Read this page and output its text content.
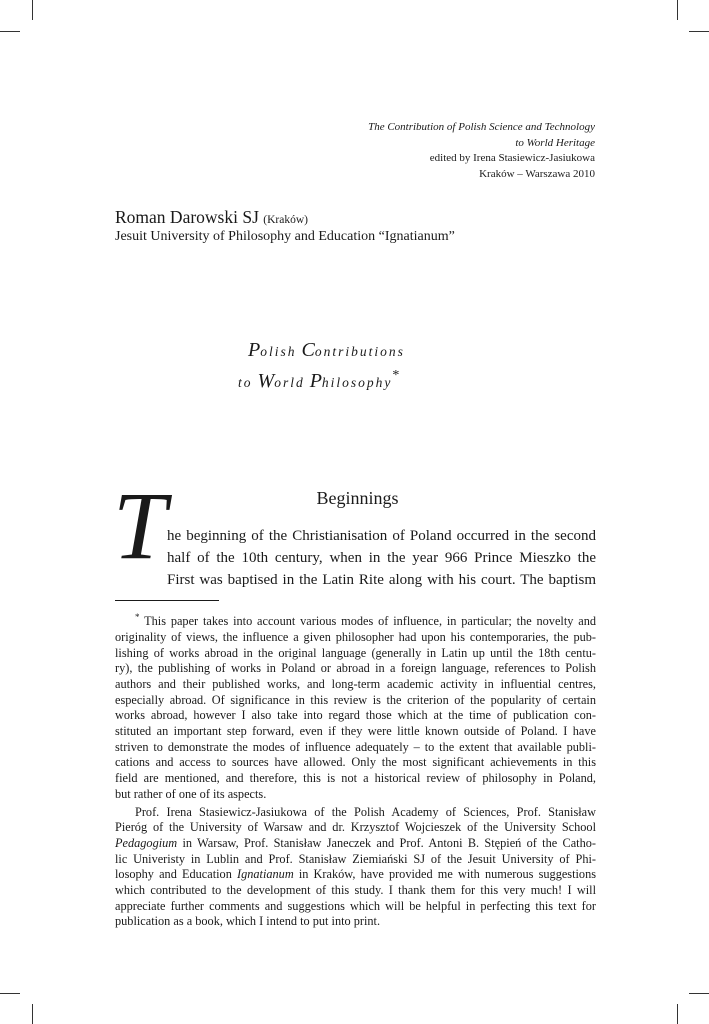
The Contribution of Polish Science and Technology
to World Heritage
edited by Irena Stasiewicz-Jasiukowa
Kraków – Warszawa 2010
Roman Darowski SJ (Kraków)
Jesuit University of Philosophy and Education “Ignatianum”
Polish Contributions
to World Philosophy*
T	Beginnings
he beginning of the Christianisation of Poland occurred in the second
half of the 10th century, when in the year 966 Prince Mieszko the
First was baptised in the Latin Rite along with his court. The baptism

* This paper takes into account various modes of influence, in particular; the novelty and
originality of views, the influence a given philosopher had upon his contemporaries, the pub-
lishing of works abroad in the original language (generally in Latin up until the 18th centu-
ry), the publishing of works in Poland or abroad in a foreign language, references to Polish
authors and their published works, and long-term academic activity in influential centres,
especially abroad. Of significance in this review is the criterion of the popularity of certain
works abroad, however I also take into regard those which at the time of publication con-
stituted an important step forward, even if they were little known outside of Poland. I have
striven to demonstrate the modes of influence adequately – to the extent that available publi-
cations and access to sources have allowed. Only the most significant achievements in this
field are mentioned, and therefore, this is not a historical review of philosophy in Poland,
but rather of one of its aspects.

Prof. Irena Stasiewicz-Jasiukowa of the Polish Academy of Sciences, Prof. Stanisław
Pieróg of the University of Warsaw and dr. Krzysztof Wojcieszek of the University School
Pedagogium in Warsaw, Prof. Stanisław Janeczek and Prof. Antoni B. Stępień of the Catho-
lic Univeristy in Lublin and Prof. Stanisław Ziemiański SJ of the Jesuit University of Phi-
losophy and Education Ignatianum in Kraków, have provided me with numerous suggestions
which contributed to the development of this study. I thank them for this very much! I will
appreciate further comments and suggestions which will be helpful in perfecting this text for
publication as a book, which I intend to put into print.
